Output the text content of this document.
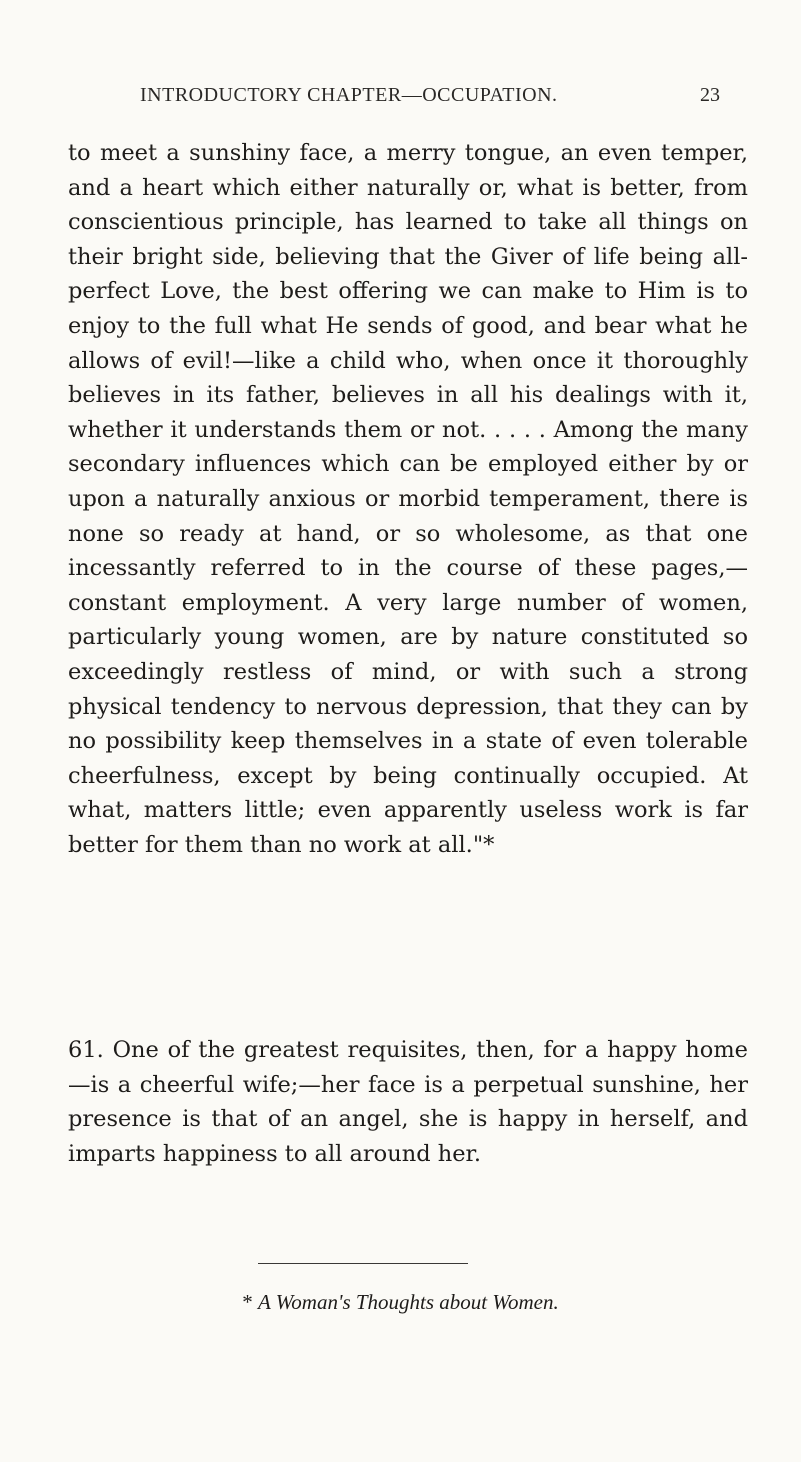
INTRODUCTORY CHAPTER—OCCUPATION.	23

to meet a sunshiny face, a merry tongue, an even temper, and a heart which either naturally or, what is better, from conscientious principle, has learned to take all things on their bright side, believing that the Giver of life being all-perfect Love, the best offering we can make to Him is to enjoy to the full what He sends of good, and bear what he allows of evil!—like a child who, when once it thoroughly believes in its father, believes in all his dealings with it, whether it understands them or not. . . . . Among the many secondary influences which can be employed either by or upon a naturally anxious or morbid temperament, there is none so ready at hand, or so wholesome, as that one incessantly referred to in the course of these pages,—constant employment. A very large number of women, particularly young women, are by nature constituted so exceedingly restless of mind, or with such a strong physical tendency to nervous depression, that they can by no possibility keep themselves in a state of even tolerable cheerfulness, except by being continually occupied. At what, matters little; even apparently useless work is far better for them than no work at all."*

61. One of the greatest requisites, then, for a happy home—is a cheerful wife;—her face is a perpetual sunshine, her presence is that of an angel, she is happy in herself, and imparts happiness to all around her.

* A Woman's Thoughts about Women.
